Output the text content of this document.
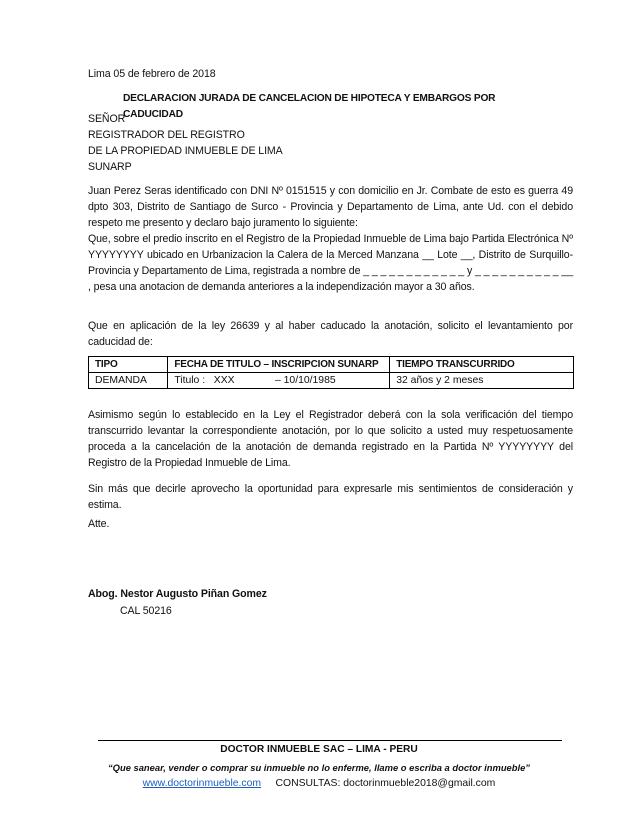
Lima 05 de febrero de 2018
DECLARACION JURADA DE CANCELACION DE HIPOTECA Y EMBARGOS POR CADUCIDAD
SEÑOR
REGISTRADOR DEL REGISTRO
DE LA PROPIEDAD INMUEBLE DE LIMA
SUNARP

Juan Perez Seras identificado con DNI Nº 0151515 y con domicilio en Jr. Combate de esto es guerra 49 dpto 303, Distrito de Santiago de Surco - Provincia y Departamento de Lima, ante Ud. con el debido respeto me presento y declaro bajo juramento lo siguiente:

Que, sobre el predio inscrito en el Registro de la Propiedad Inmueble de Lima bajo Partida Electrónica Nº YYYYYYYY ubicado en Urbanizacion la Calera de la Merced Manzana __ Lote __, Distrito de Surquillo-Provincia y Departamento de Lima, registrada a nombre de _ _ _ _ _ _ _ _ _ _ _ _ y _ _ _ _ _ _ _ _ _ _ __ , pesa una anotacion de demanda anteriores a la independización mayor a 30 años.

Que en aplicación de la ley 26639 y al haber caducado la anotación, solicito el levantamiento por caducidad de:

TIPO	FECHA DE TITULO – INSCRIPCION SUNARP	TIEMPO TRANSCURRIDO
DEMANDA	Titulo :   XXX              – 10/10/1985	32 años y 2 meses

Asimismo según lo establecido en la Ley el Registrador deberá con la sola verificación del tiempo transcurrido levantar la correspondiente anotación, por lo que solicito a usted muy respetuosamente proceda a la cancelación de la anotación de demanda registrado en la Partida Nº YYYYYYYY del Registro de la Propiedad Inmueble de Lima.

Sin más que decirle aprovecho la oportunidad para expresarle mis sentimientos de consideración y estima.

Atte.
Abog. Nestor Augusto Piñan Gomez
CAL 50216
DOCTOR INMUEBLE SAC – LIMA - PERU
“Que sanear, vender o comprar su inmueble no lo enferme, llame o escriba a doctor inmueble”
www.doctorinmueble.com CONSULTAS: doctorinmueble2018@gmail.com
